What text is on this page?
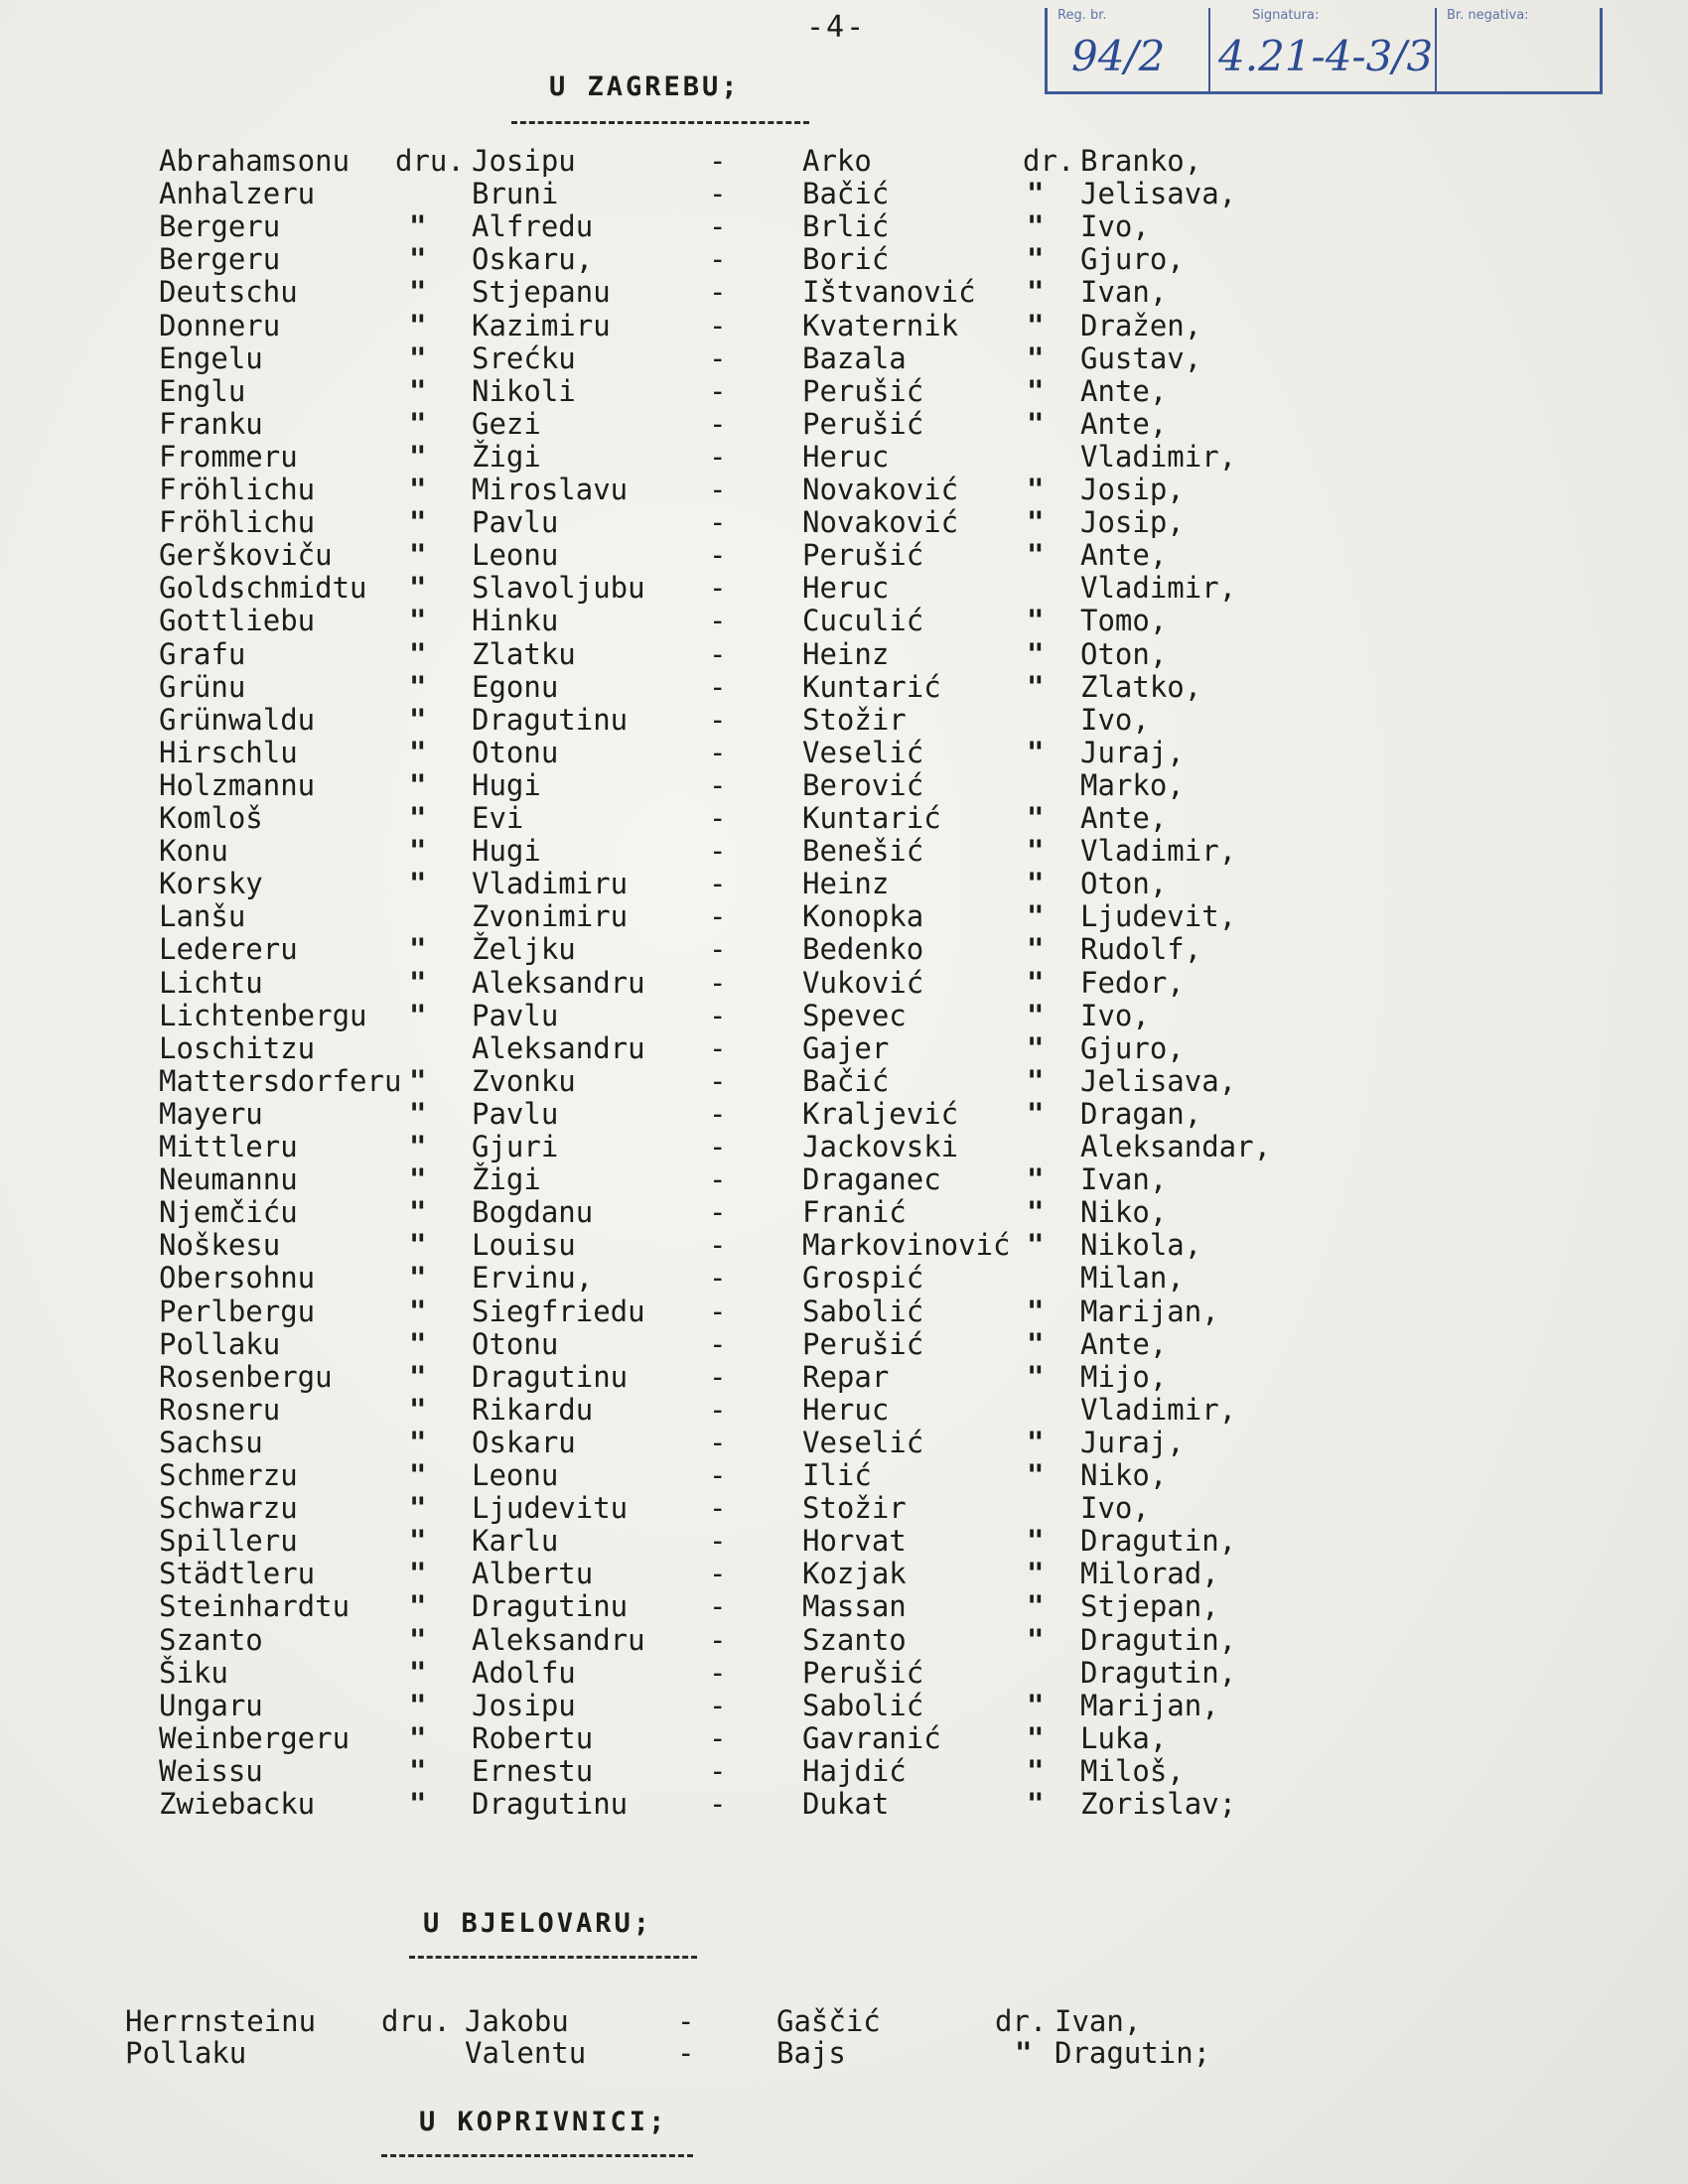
-4-	Reg. br.	Signatura:	Br. negativa:
94/2 4.21-4-3/3
U ZAGREBU;
Abrahamsonu dru. Josipu	-	Arko	dr. Branko,
Anhalzeru	Bruni	-	Bačić	" Jelisava,
Bergeru	" Alfredu	-	Brlić	" Ivo,
Bergeru	" Oskaru,	-	Borić	" Gjuro,
Deutschu	" Stjepanu	-	Ištvanović " Ivan,
Donneru	" Kazimiru	-	Kvaternik " Dražen,
Engelu	" Srećku	-	Bazala	" Gustav,
Englu	" Nikoli	-	Perušić	" Ante,
Franku	" Gezi	-	Perušić	" Ante,
Frommeru	" Žigi	-	Heruc	Vladimir,
Fröhlichu	" Miroslavu	-	Novaković " Josip,
Fröhlichu	" Pavlu	-	Novaković " Josip,
Gerškoviču	" Leonu	-	Perušić	" Ante,
Goldschmidtu " Slavoljubu -	Heruc	Vladimir,
Gottliebu	" Hinku	-	Cuculić	" Tomo,
Grafu	" Zlatku	-	Heinz	" Oton,
Grünu	" Egonu	-	Kuntarić	" Zlatko,
Grünwaldu	" Dragutinu	-	Stožir	Ivo,
Hirschlu	" Otonu	-	Veselić	" Juraj,
Holzmannu	" Hugi	-	Berović	Marko,
Komloš	" Evi	-	Kuntarić	" Ante,
Konu	" Hugi	-	Benešić	" Vladimir,
Korsky	" Vladimiru	-	Heinz	" Oton,
Lanšu	Zvonimiru	-	Konopka	" Ljudevit,
Ledereru	" Željku	-	Bedenko	" Rudolf,
Lichtu	" Aleksandru -	Vuković	" Fedor,
Lichtenbergu " Pavlu	-	Spevec	" Ivo,
Loschitzu	Aleksandru -	Gajer	" Gjuro,
Mattersdorferu " Zvonku	-	Bačić	" Jelisava,
Mayeru	" Pavlu	-	Kraljević " Dragan,
Mittleru	" Gjuri	-	Jackovski	Aleksandar,
Neumannu	" Žigi	-	Draganec	" Ivan,
Njemčiću	" Bogdanu	-	Franić	" Niko,
Noškesu	" Louisu	-	Markovinović " Nikola,
Obersohnu	" Ervinu,	-	Grospić	Milan,
Perlbergu	" Siegfriedu -	Sabolić	" Marijan,
Pollaku	" Otonu	-	Perušić	" Ante,
Rosenbergu	" Dragutinu	-	Repar	" Mijo,
Rosneru	" Rikardu	-	Heruc	Vladimir,
Sachsu	" Oskaru	-	Veselić	" Juraj,
Schmerzu	" Leonu	-	Ilić	" Niko,
Schwarzu	" Ljudevitu	-	Stožir	Ivo,
Spilleru	" Karlu	-	Horvat	" Dragutin,
Städtleru	" Albertu	-	Kozjak	" Milorad,
Steinhardtu " Dragutinu	-	Massan	" Stjepan,
Szanto	" Aleksandru -	Szanto	" Dragutin,
Šiku	" Adolfu	-	Perušić	Dragutin,
Ungaru	" Josipu	-	Sabolić	" Marijan,
Weinbergeru " Robertu	-	Gavranić	" Luka,
Weissu	" Ernestu	-	Hajdić	" Miloš,
Zwiebacku	" Dragutinu	-	Dukat	" Zorislav;
U BJELOVARU;
Herrnsteinu dru. Jakobu	-	Gaščić	dr. Ivan,
Pollaku	Valentu	-	Bajs	" Dragutin;
U KOPRIVNICI;
